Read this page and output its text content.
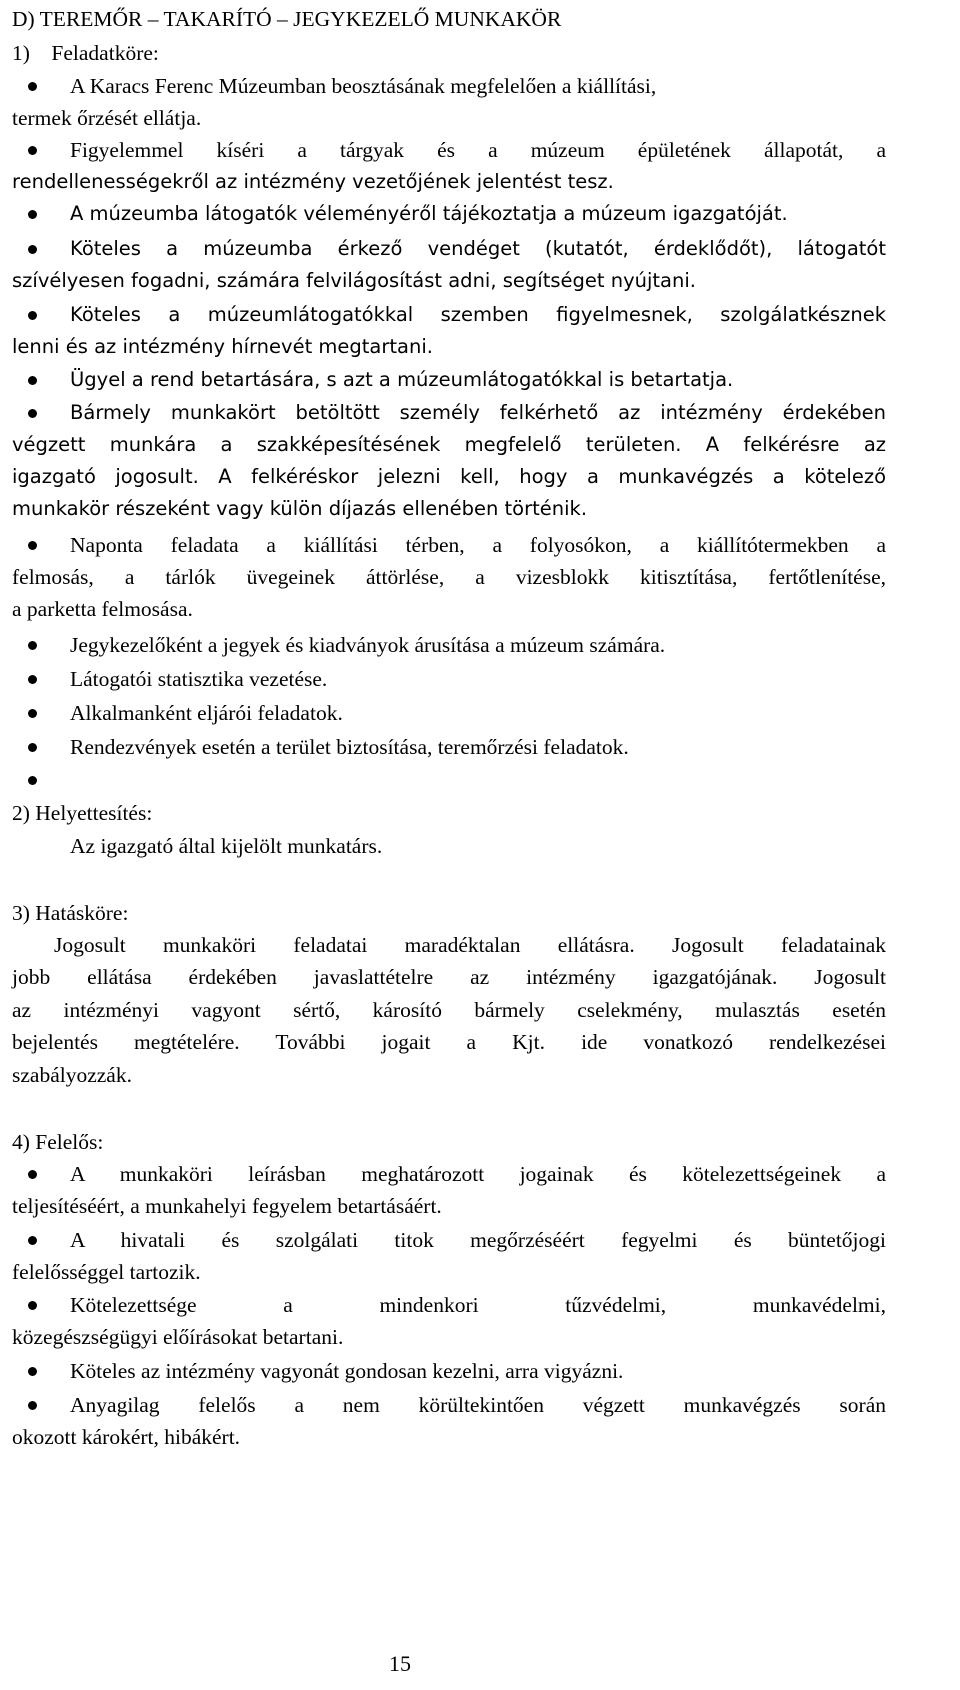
D) TEREMŐR – TAKARÍTÓ – JEGYKEZELŐ MUNKAKÖR
1)    Feladatköre:
A Karacs Ferenc Múzeumban beosztásának megfelelően a kiállítási,
termek őrzését ellátja.
Figyelemmel kíséri a tárgyak és a múzeum épületének állapotát, a
rendellenességekről az intézmény vezetőjének jelentést tesz.
A múzeumba látogatók véleményéről tájékoztatja a múzeum igazgatóját.
Köteles a múzeumba érkező vendéget (kutatót, érdeklődőt), látogatót
szívélyesen fogadni, számára felvilágosítást adni, segítséget nyújtani.
Köteles a múzeumlátogatókkal szemben figyelmesnek, szolgálatkésznek
lenni és az intézmény hírnevét megtartani.
Ügyel a rend betartására, s azt a múzeumlátogatókkal is betartatja.
Bármely munkakört betöltött személy felkérhető az intézmény érdekében
végzett munkára a szakképesítésének megfelelő területen. A felkérésre az
igazgató jogosult. A felkéréskor jelezni kell, hogy a munkavégzés a kötelező
munkakör részeként vagy külön díjazás ellenében történik.
Naponta feladata a kiállítási térben, a folyosókon, a kiállítótermekben a
felmosás, a tárlók üvegeinek áttörlése, a vizesblokk kitisztítása, fertőtlenítése,
a parketta felmosása.
Jegykezelőként a jegyek és kiadványok árusítása a múzeum számára.
Látogatói statisztika vezetése.
Alkalmanként eljárói feladatok.
Rendezvények esetén a terület biztosítása, teremőrzési feladatok.
2) Helyettesítés:
Az igazgató által kijelölt munkatárs.
3) Hatásköre:
Jogosult munkaköri feladatai maradéktalan ellátásra. Jogosult feladatainak
jobb ellátása érdekében javaslattételre az intézmény igazgatójának. Jogosult
az intézményi vagyont sértő, károsító bármely cselekmény, mulasztás esetén
bejelentés megtételére. További jogait a Kjt. ide vonatkozó rendelkezései
szabályozzák.
4) Felelős:
A munkaköri leírásban meghatározott jogainak és kötelezettségeinek a
teljesítéséért, a munkahelyi fegyelem betartásáért.
A hivatali és szolgálati titok megőrzéséért fegyelmi és büntetőjogi
felelősséggel tartozik.
Kötelezettsége a mindenkori tűzvédelmi, munkavédelmi,
közegészségügyi előírásokat betartani.
Köteles az intézmény vagyonát gondosan kezelni, arra vigyázni.
Anyagilag felelős a nem körültekintően végzett munkavégzés során
okozott károkért, hibákért.
15
